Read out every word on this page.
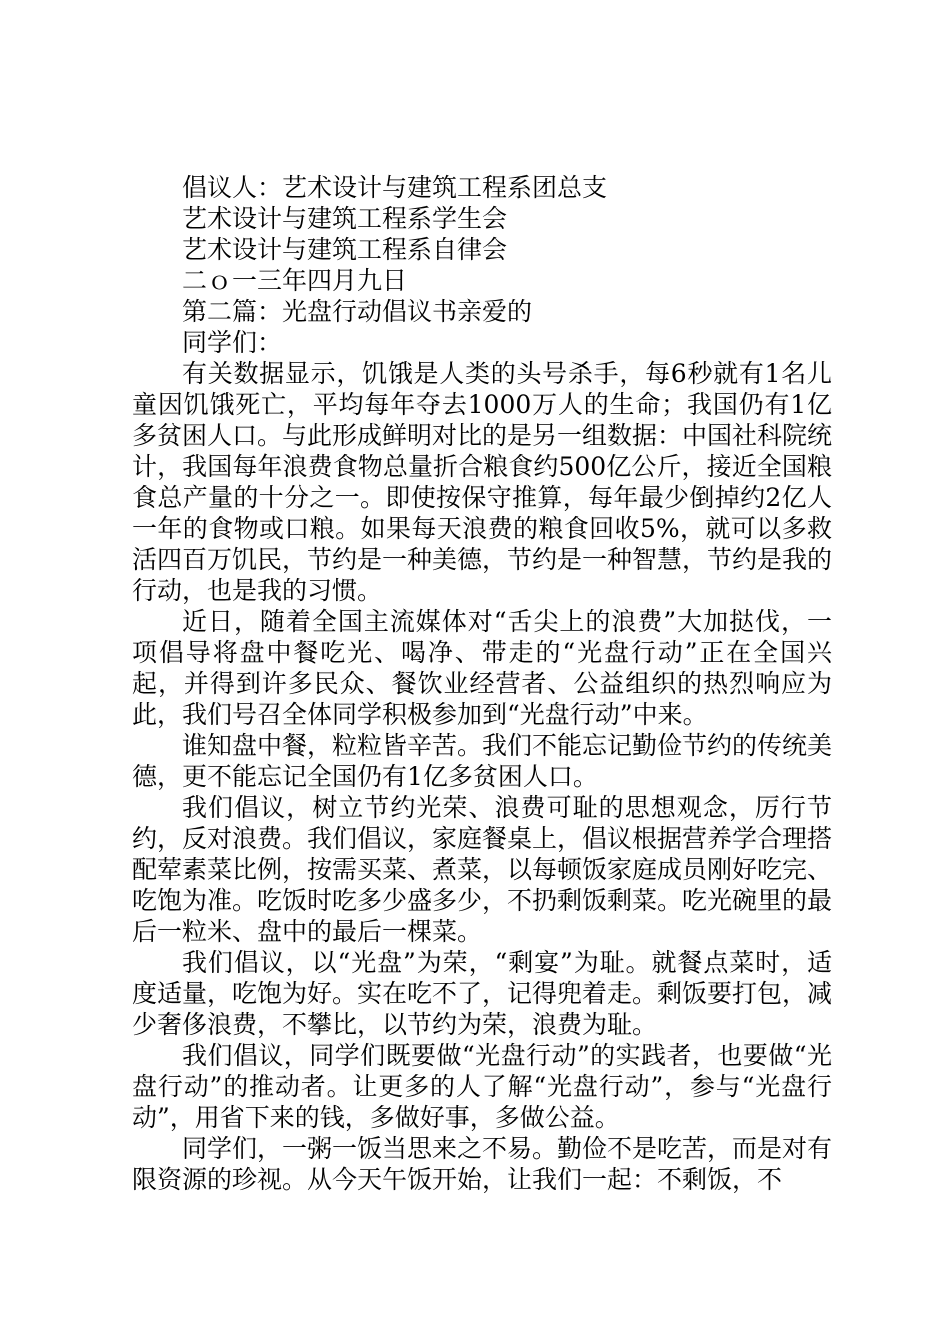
倡议人：艺术设计与建筑工程系团总支
艺术设计与建筑工程系学生会
艺术设计与建筑工程系自律会
二ｏ一三年四月九日
第二篇：光盘行动倡议书亲爱的
同学们：

有关数据显示，饥饿是人类的头号杀手，每6秒就有1名儿童因饥饿死亡，平均每年夺去1000万人的生命；我国仍有1亿多贫困人口。与此形成鲜明对比的是另一组数据：中国社科院统计，我国每年浪费食物总量折合粮食约500亿公斤，接近全国粮食总产量的十分之一。即使按保守推算，每年最少倒掉约2亿人一年的食物或口粮。如果每天浪费的粮食回收5%，就可以多救活四百万饥民，节约是一种美德，节约是一种智慧，节约是我的行动，也是我的习惯。

近日，随着全国主流媒体对“舌尖上的浪费”大加挞伐，一项倡导将盘中餐吃光、喝净、带走的“光盘行动”正在全国兴起，并得到许多民众、餐饮业经营者、公益组织的热烈响应为此，我们号召全体同学积极参加到“光盘行动”中来。

谁知盘中餐，粒粒皆辛苦。我们不能忘记勤俭节约的传统美德，更不能忘记全国仍有1亿多贫困人口。

我们倡议，树立节约光荣、浪费可耻的思想观念，厉行节约，反对浪费。我们倡议，家庭餐桌上，倡议根据营养学合理搭配荤素菜比例，按需买菜、煮菜，以每顿饭家庭成员刚好吃完、吃饱为准。吃饭时吃多少盛多少，不扔剩饭剩菜。吃光碗里的最后一粒米、盘中的最后一棵菜。

我们倡议，以“光盘”为荣，“剩宴”为耻。就餐点菜时，适度适量，吃饱为好。实在吃不了，记得兜着走。剩饭要打包，减少奢侈浪费，不攀比，以节约为荣，浪费为耻。

我们倡议，同学们既要做“光盘行动”的实践者，也要做“光盘行动”的推动者。让更多的人了解“光盘行动”，参与“光盘行动”，用省下来的钱，多做好事，多做公益。

同学们，一粥一饭当思来之不易。勤俭不是吃苦，而是对有限资源的珍视。从今天午饭开始，让我们一起：不剩饭，不
